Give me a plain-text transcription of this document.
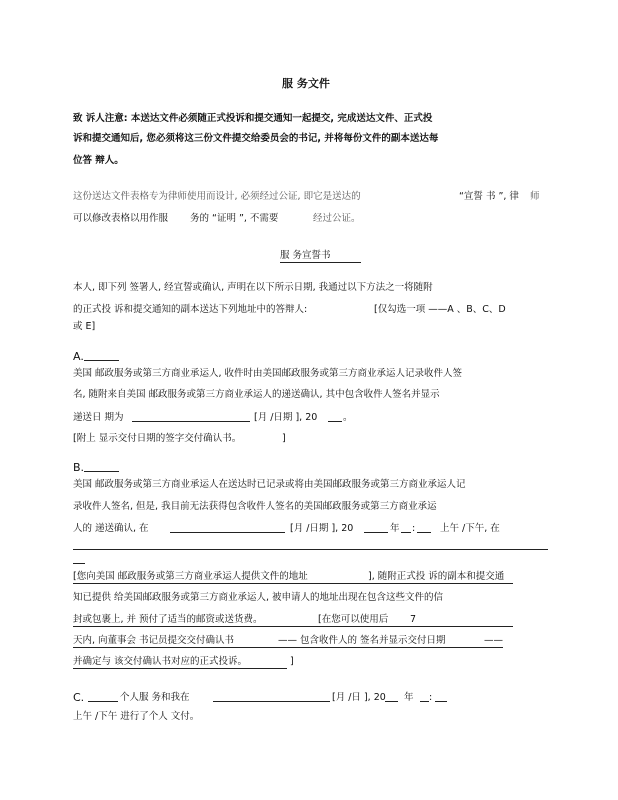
服 务文件
致 诉人注意: 本送达文件必须随正式投诉和提交通知一起提交, 完成送达文件、正式投
诉和提交通知后, 您必须将这三份文件提交给委员会的书记, 并将每份文件的副本送达每
位答 辩人。
这份送达文件表格专为律师使用而设计, 必须经过公证, 即它是送达的	“宣誓 书 ”, 律 师
可以修改表格以用作服 务的 “证明 ”, 不需要	经过公证。
服 务宣誓书
本人, 即下列 签署人, 经宣誓或确认, 声明在以下所示日期, 我通过以下方法之一将随附
的正式投 诉和提交通知的副本送达下列地址中的答辩人:	[仅勾选一项 ——A 、B、C、D
或 E]
A.
美国 邮政服务或第三方商业承运人, 收件时由美国邮政服务或第三方商业承运人记录收件人签
名, 随附来自美国 邮政服务或第三方商业承运人的递送确认, 其中包含收件人签名并显示
递送日 期为	[月 /日期 ], 20	。
[附上 显示交付日期的签字交付确认书。	]
B.
美国 邮政服务或第三方商业承运人在送达时已记录或将由美国邮政服务或第三方商业承运人记
录收件人签名, 但是, 我目前无法获得包含收件人签名的美国邮政服务或第三方商业承运
人的 递送确认, 在	[月 /日期 ], 20	年 :	上午 /下午, 在
[您向美国 邮政服务或第三方商业承运人提供文件的地址	], 随附正式投 诉的副本和提交通
知已提供 给美国邮政服务或第三方商业承运人, 被申请人的地址出现在包含这些文件的信
封或包裹上, 并 预付了适当的邮资或送货费。	[在您可以使用后 7
天内, 向董事会 书记员提交交付确认书	—— 包含收件人的 签名并显示交付日期	——
并确定与 该交付确认书对应的正式投诉。	]
C.	个人服 务和我在	[月 /日 ], 20 年 :
上午 /下午 进行了个人 文付。
